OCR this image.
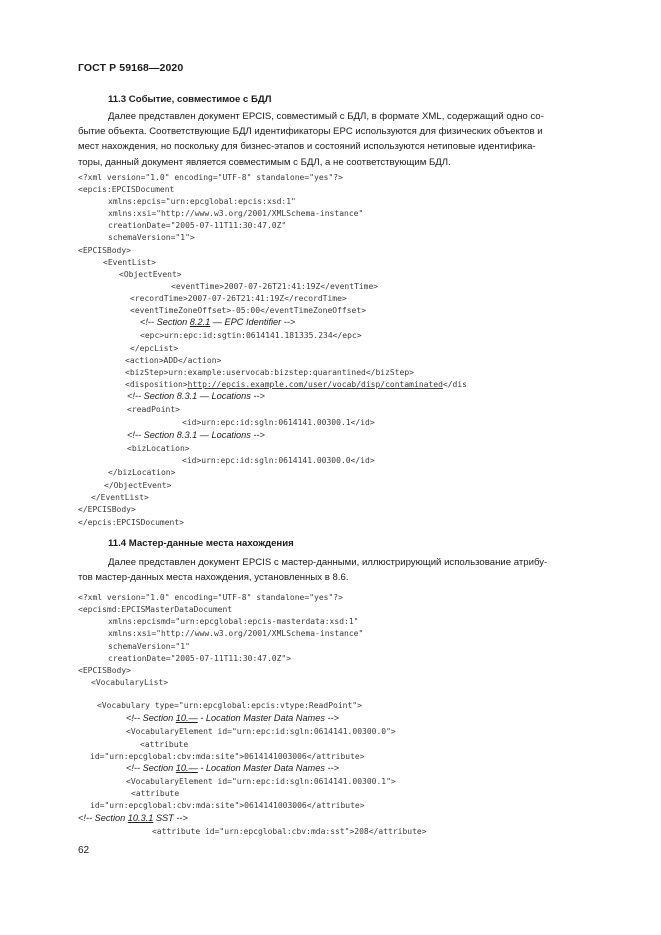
ГОСТ Р 59168—2020
11.3 Событие, совместимое с БДЛ
Далее представлен документ EPCIS, совместимый с БДЛ, в формате XML, содержащий одно со-
бытие объекта. Соответствующие БДЛ идентификаторы EPC используются для физических объектов и
мест нахождения, но поскольку для бизнес-этапов и состояний используются нетиповые идентифика-
торы, данный документ является совместимым с БДЛ, а не соответствующим БДЛ.
<?xml version="1.0" encoding="UTF-8" standalone="yes"?>
<epcis:EPCISDocument
xmlns:epcis="urn:epcglobal:epcis:xsd:1"
xmlns:xsi="http://www.w3.org/2001/XMLSchema-instance"
creationDate="2005-07-11T11:30:47.0Z"
schemaVersion="1">
<EPCISBody>
<EventList>
<ObjectEvent>
<eventTime>2007-07-26T21:41:19Z</eventTime>
<recordTime>2007-07-26T21:41:19Z</recordTime>
<eventTimeZoneOffset>-05:00</eventTimeZoneOffset>
<!-- Section 8.2.1 — EPC Identifier -->
<epc>urn:epc:id:sgtin:0614141.181335.234</epc>
</epcList>
<action>ADD</action>
<bizStep>urn:example:uservocab:bizstep:quarantined</bizStep>
<disposition>http://epcis.example.com/user/vocab/disp/contaminated</dis
<!-- Section 8.3.1 — Locations -->
<readPoint>
<id>urn:epc:id:sgln:0614141.00300.1</id>
<!-- Section 8.3.1 — Locations -->
<bizLocation>
<id>urn:epc:id:sgln:0614141.00300.0</id>
</bizLocation>
</ObjectEvent>
</EventList>
</EPCISBody>
</epcis:EPCISDocument>
11.4 Мастер-данные места нахождения
Далее представлен документ EPCIS с мастер-данными, иллюстрирующий использование атрибу-
тов мастер-данных места нахождения, установленных в 8.6.
<?xml version="1.0" encoding="UTF-8" standalone="yes"?>
<epcismd:EPCISMasterDataDocument
xmlns:epcismd="urn:epcglobal:epcis-masterdata:xsd:1"
xmlns:xsi="http://www.w3.org/2001/XMLSchema-instance"
schemaVersion="1"
creationDate="2005-07-11T11:30:47.0Z">
<EPCISBody>
<VocabularyList>
<Vocabulary type="urn:epcglobal:epcis:vtype:ReadPoint">
<!-- Section 10.— - Location Master Data Names -->
<VocabularyElement id="urn:epc:id:sgln:0614141.00300.0">
<attribute
id="urn:epcglobal:cbv:mda:site">0614141003006</attribute>
<!-- Section 10.— - Location Master Data Names -->
<VocabularyElement id="urn:epc:id:sgln:0614141.00300.1">
<attribute
id="urn:epcglobal:cbv:mda:site">0614141003006</attribute>
<!-- Section 10.3.1 SST -->
<attribute id="urn:epcglobal:cbv:mda:sst">208</attribute>
62
